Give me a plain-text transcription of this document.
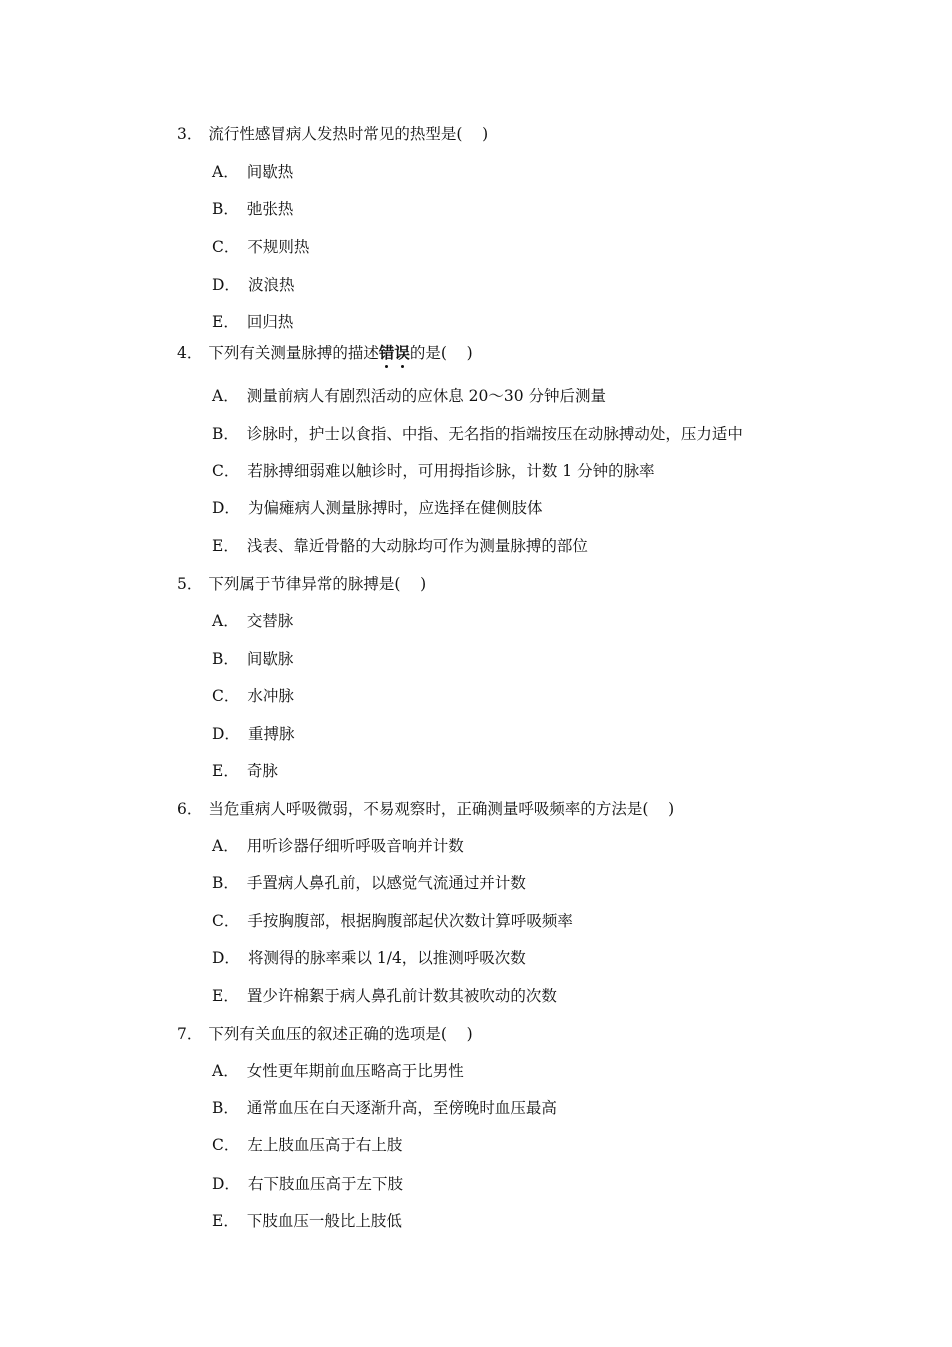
3． 流行性感冒病人发热时常见的热型是(    )
A． 间歇热
B． 弛张热
C． 不规则热
D． 波浪热
E． 回归热
4． 下列有关测量脉搏的描述错误
的是(    )
A． 测量前病人有剧烈活动的应休息 20～30 分钟后测量
B． 诊脉时，护士以食指、中指、无名指的指端按压在动脉搏动处，压力适中
C． 若脉搏细弱难以触诊时，可用拇指诊脉，计数 1 分钟的脉率
D． 为偏瘫病人测量脉搏时，应选择在健侧肢体
E． 浅表、靠近骨骼的大动脉均可作为测量脉搏的部位
5． 下列属于节律异常的脉搏是(    )
A． 交替脉
B． 间歇脉
C． 水冲脉
D． 重搏脉
E． 奇脉
6． 当危重病人呼吸微弱，不易观察时，正确测量呼吸频率的方法是(    )
A． 用听诊器仔细听呼吸音响并计数
B． 手置病人鼻孔前，以感觉气流通过并计数
C． 手按胸腹部，根据胸腹部起伏次数计算呼吸频率
D． 将测得的脉率乘以 1/4，以推测呼吸次数
E． 置少许棉絮于病人鼻孔前计数其被吹动的次数
7． 下列有关血压的叙述正确的选项是(    )
A． 女性更年期前血压略高于比男性
B． 通常血压在白天逐渐升高，至傍晚时血压最高
C． 左上肢血压高于右上肢
D． 右下肢血压高于左下肢
E． 下肢血压一般比上肢低
